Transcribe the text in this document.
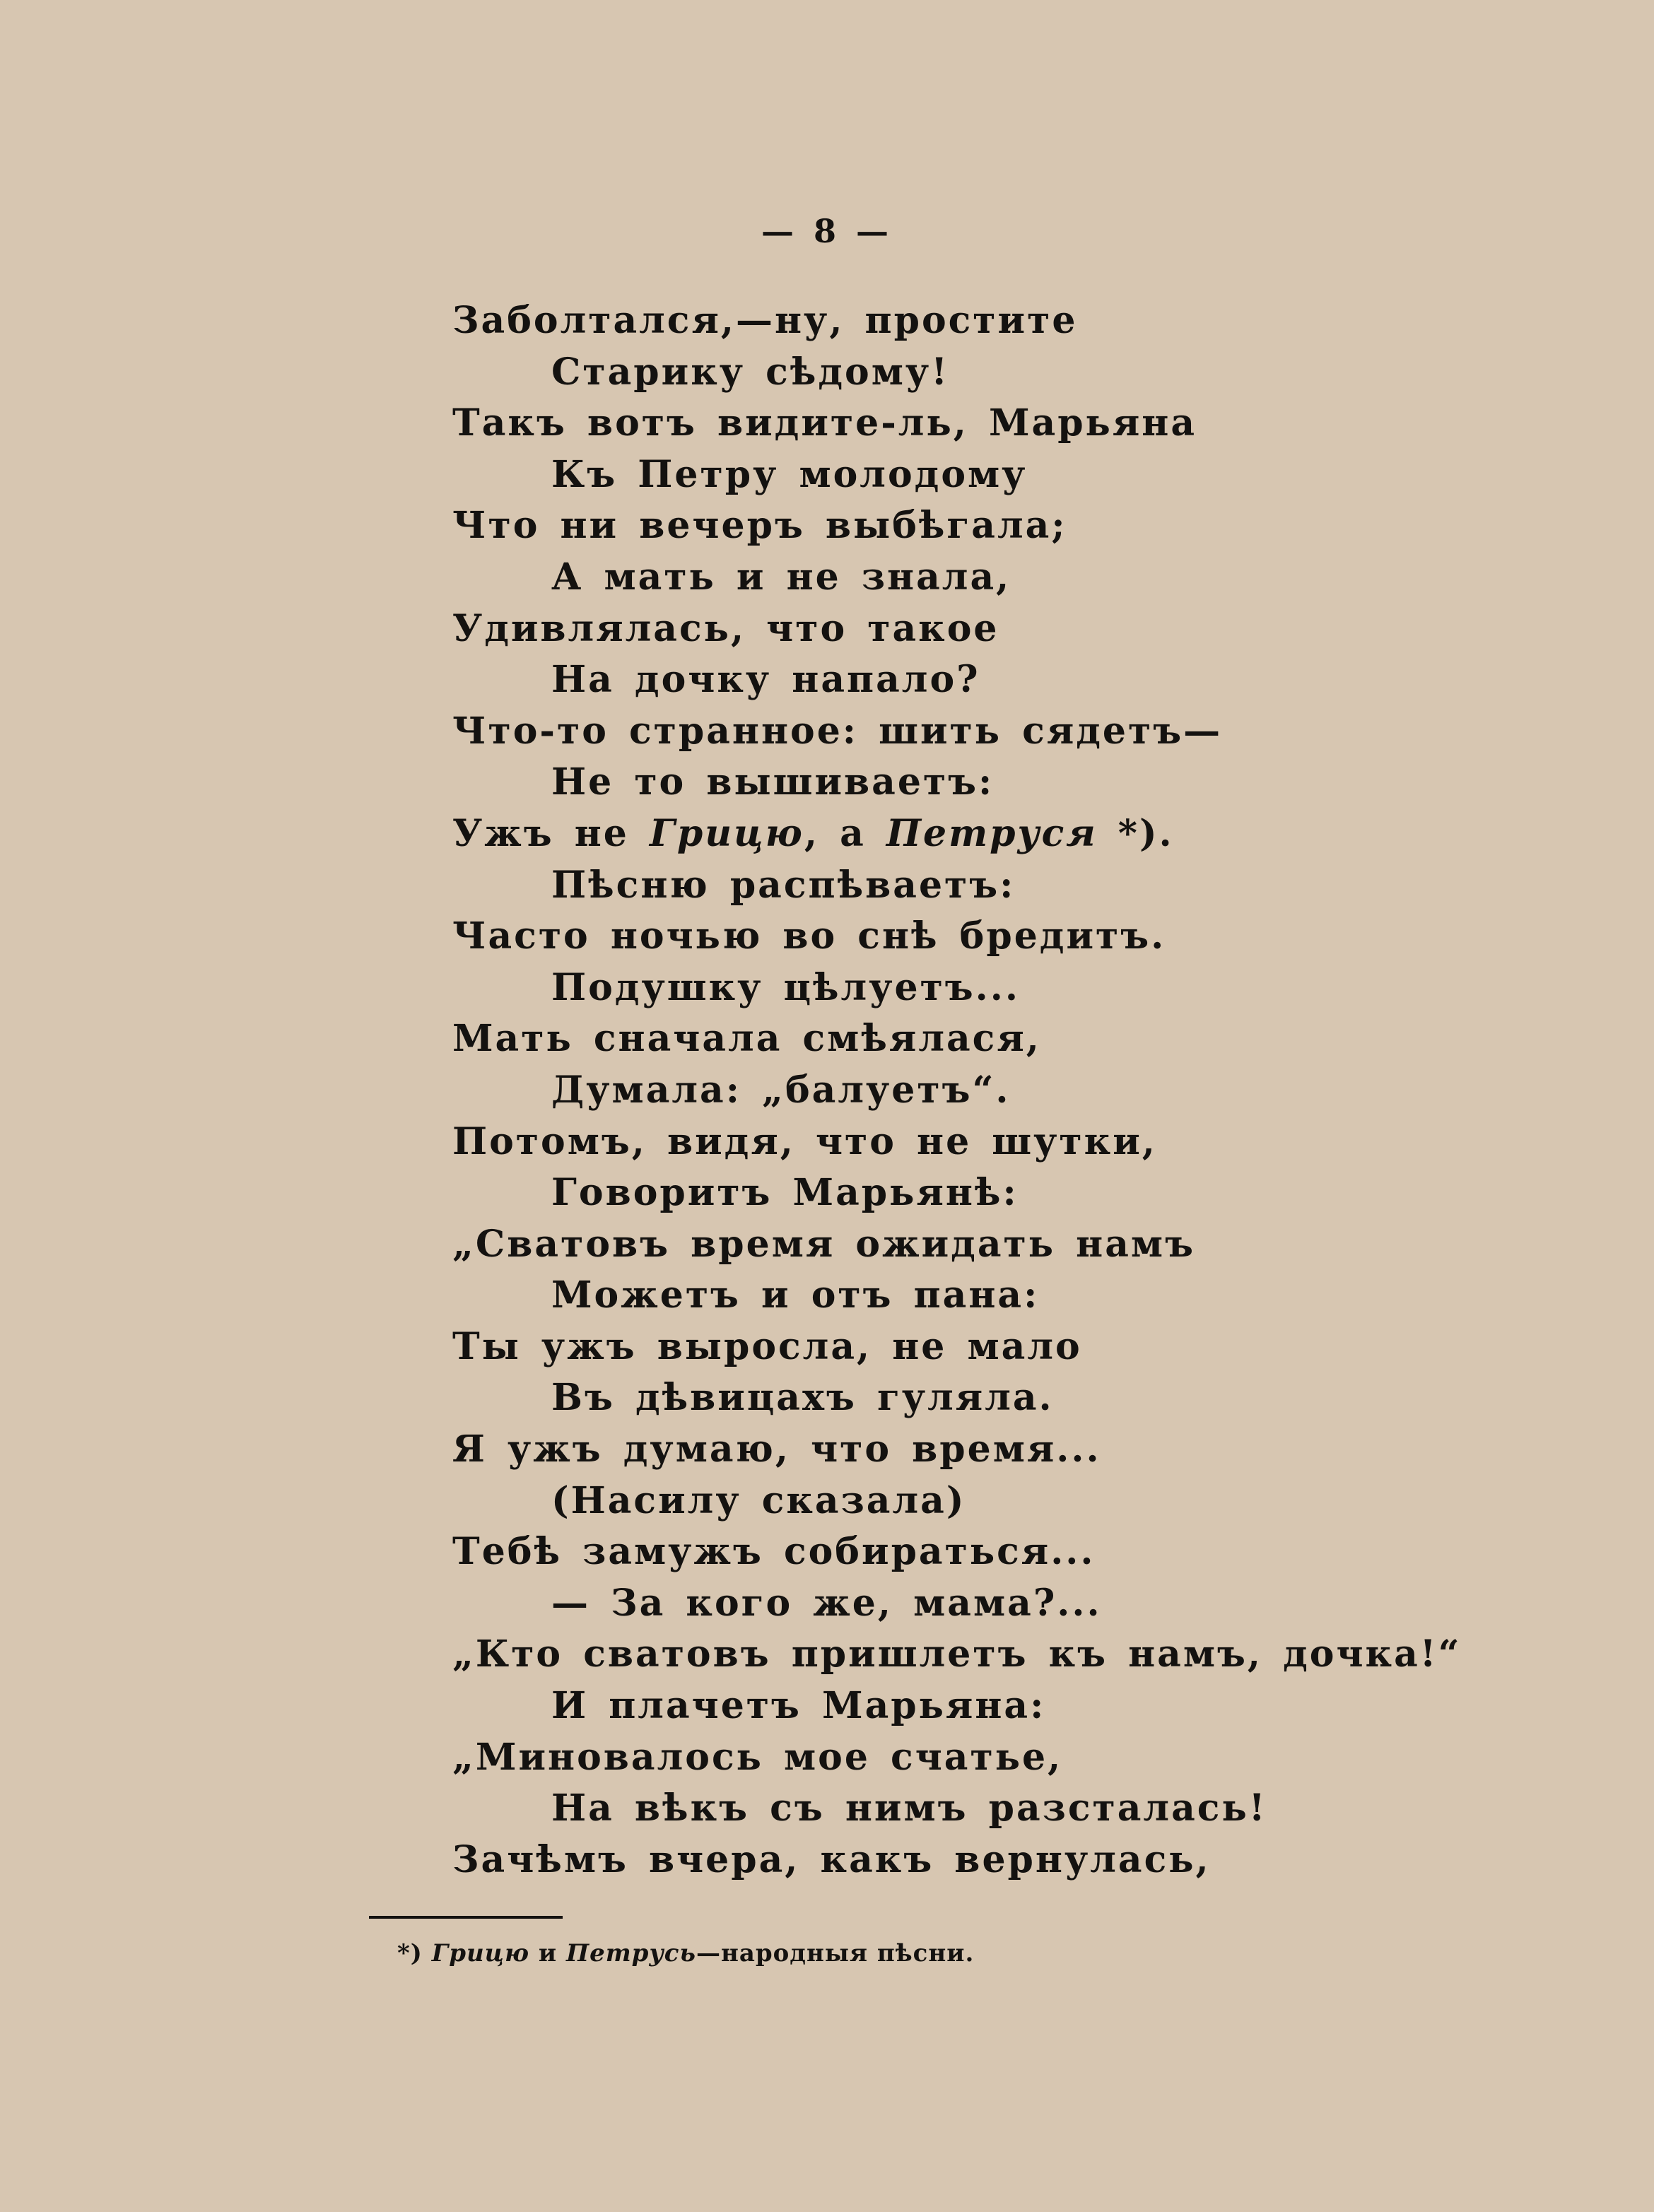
— 8 —
Заболтался,—ну, простите
Старику сѣдому!
Такъ вотъ видите-ль, Марьяна
Къ Петру молодому
Что ни вечеръ выбѣгала;
А мать и не знала,
Удивлялась, что такое
На дочку напало?
Что-то странное: шить сядетъ—
Не то вышиваетъ:
Ужъ не Грицю, а Петруся *).
Пѣсню распѣваетъ:
Часто ночью во снѣ бредитъ.
Подушку цѣлуетъ...
Мать сначала смѣялася,
Думала: „балуетъ“.
Потомъ, видя, что не шутки,
Говоритъ Марьянѣ:
„Сватовъ время ожидать намъ
Можетъ и отъ пана:
Ты ужъ выросла, не мало
Въ дѣвицахъ гуляла.
Я ужъ думаю, что время...
(Насилу сказала)
Тебѣ замужъ собираться...
— За кого же, мама?...
„Кто сватовъ пришлетъ къ намъ, дочка!“
И плачетъ Марьяна:
„Миновалось мое счатье,
На вѣкъ съ нимъ разсталась!
Зачѣмъ вчера, какъ вернулась,
*) Грицю и Петрусь—народныя пѣсни.
